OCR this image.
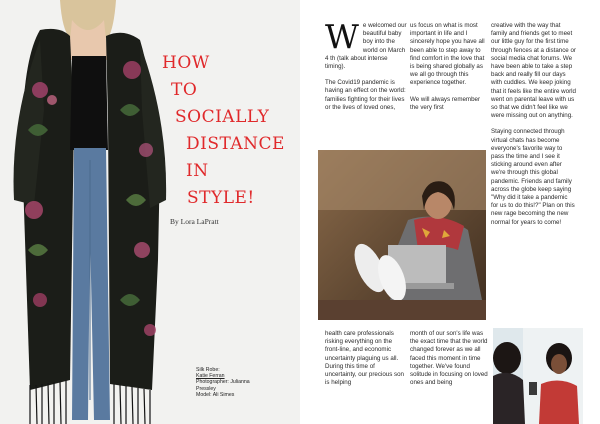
HOW
TO
SOCIALLY
DISTANCE
IN
STYLE!
By Lora LaPratt
Silk Robe:
Katie Ferran
Photographer: Julianna
Pressley
Model: Ali Simes

We welcomed our beautiful baby boy into the world on March 4 th (talk about intense timing).

The Covid19 pandemic is having an effect on the world: families fighting for their lives or the lives of loved ones,

us focus on what is most important in life and I sincerely hope you have all been able to step away to find comfort in the love that is being shared globally as we all go through this experience together.

We will always remember the very first

creative with the way that family and friends get to meet our little guy for the first time through fences at a distance or social media chat forums. We have been able to take a step back and really fill our days with cuddles. We keep joking that it feels like the entire world went on parental leave with us so that we didn't feel like we were missing out on anything.

Staying connected through virtual chats has become everyone's favorite way to pass the time and I see it sticking around even after we're through this global pandemic. Friends and family across the globe keep saying "Why did it take a pandemic for us to do this!?" Plan on this new rage becoming the new normal for years to come!

health care professionals risking everything on the front-line, and economic uncertainty plaguing us all. During this time of uncertainty, our precious son is helping

month of our son's life was the exact time that the world changed forever as we all faced this moment in time together. We've found solitude in focusing on loved ones and being
